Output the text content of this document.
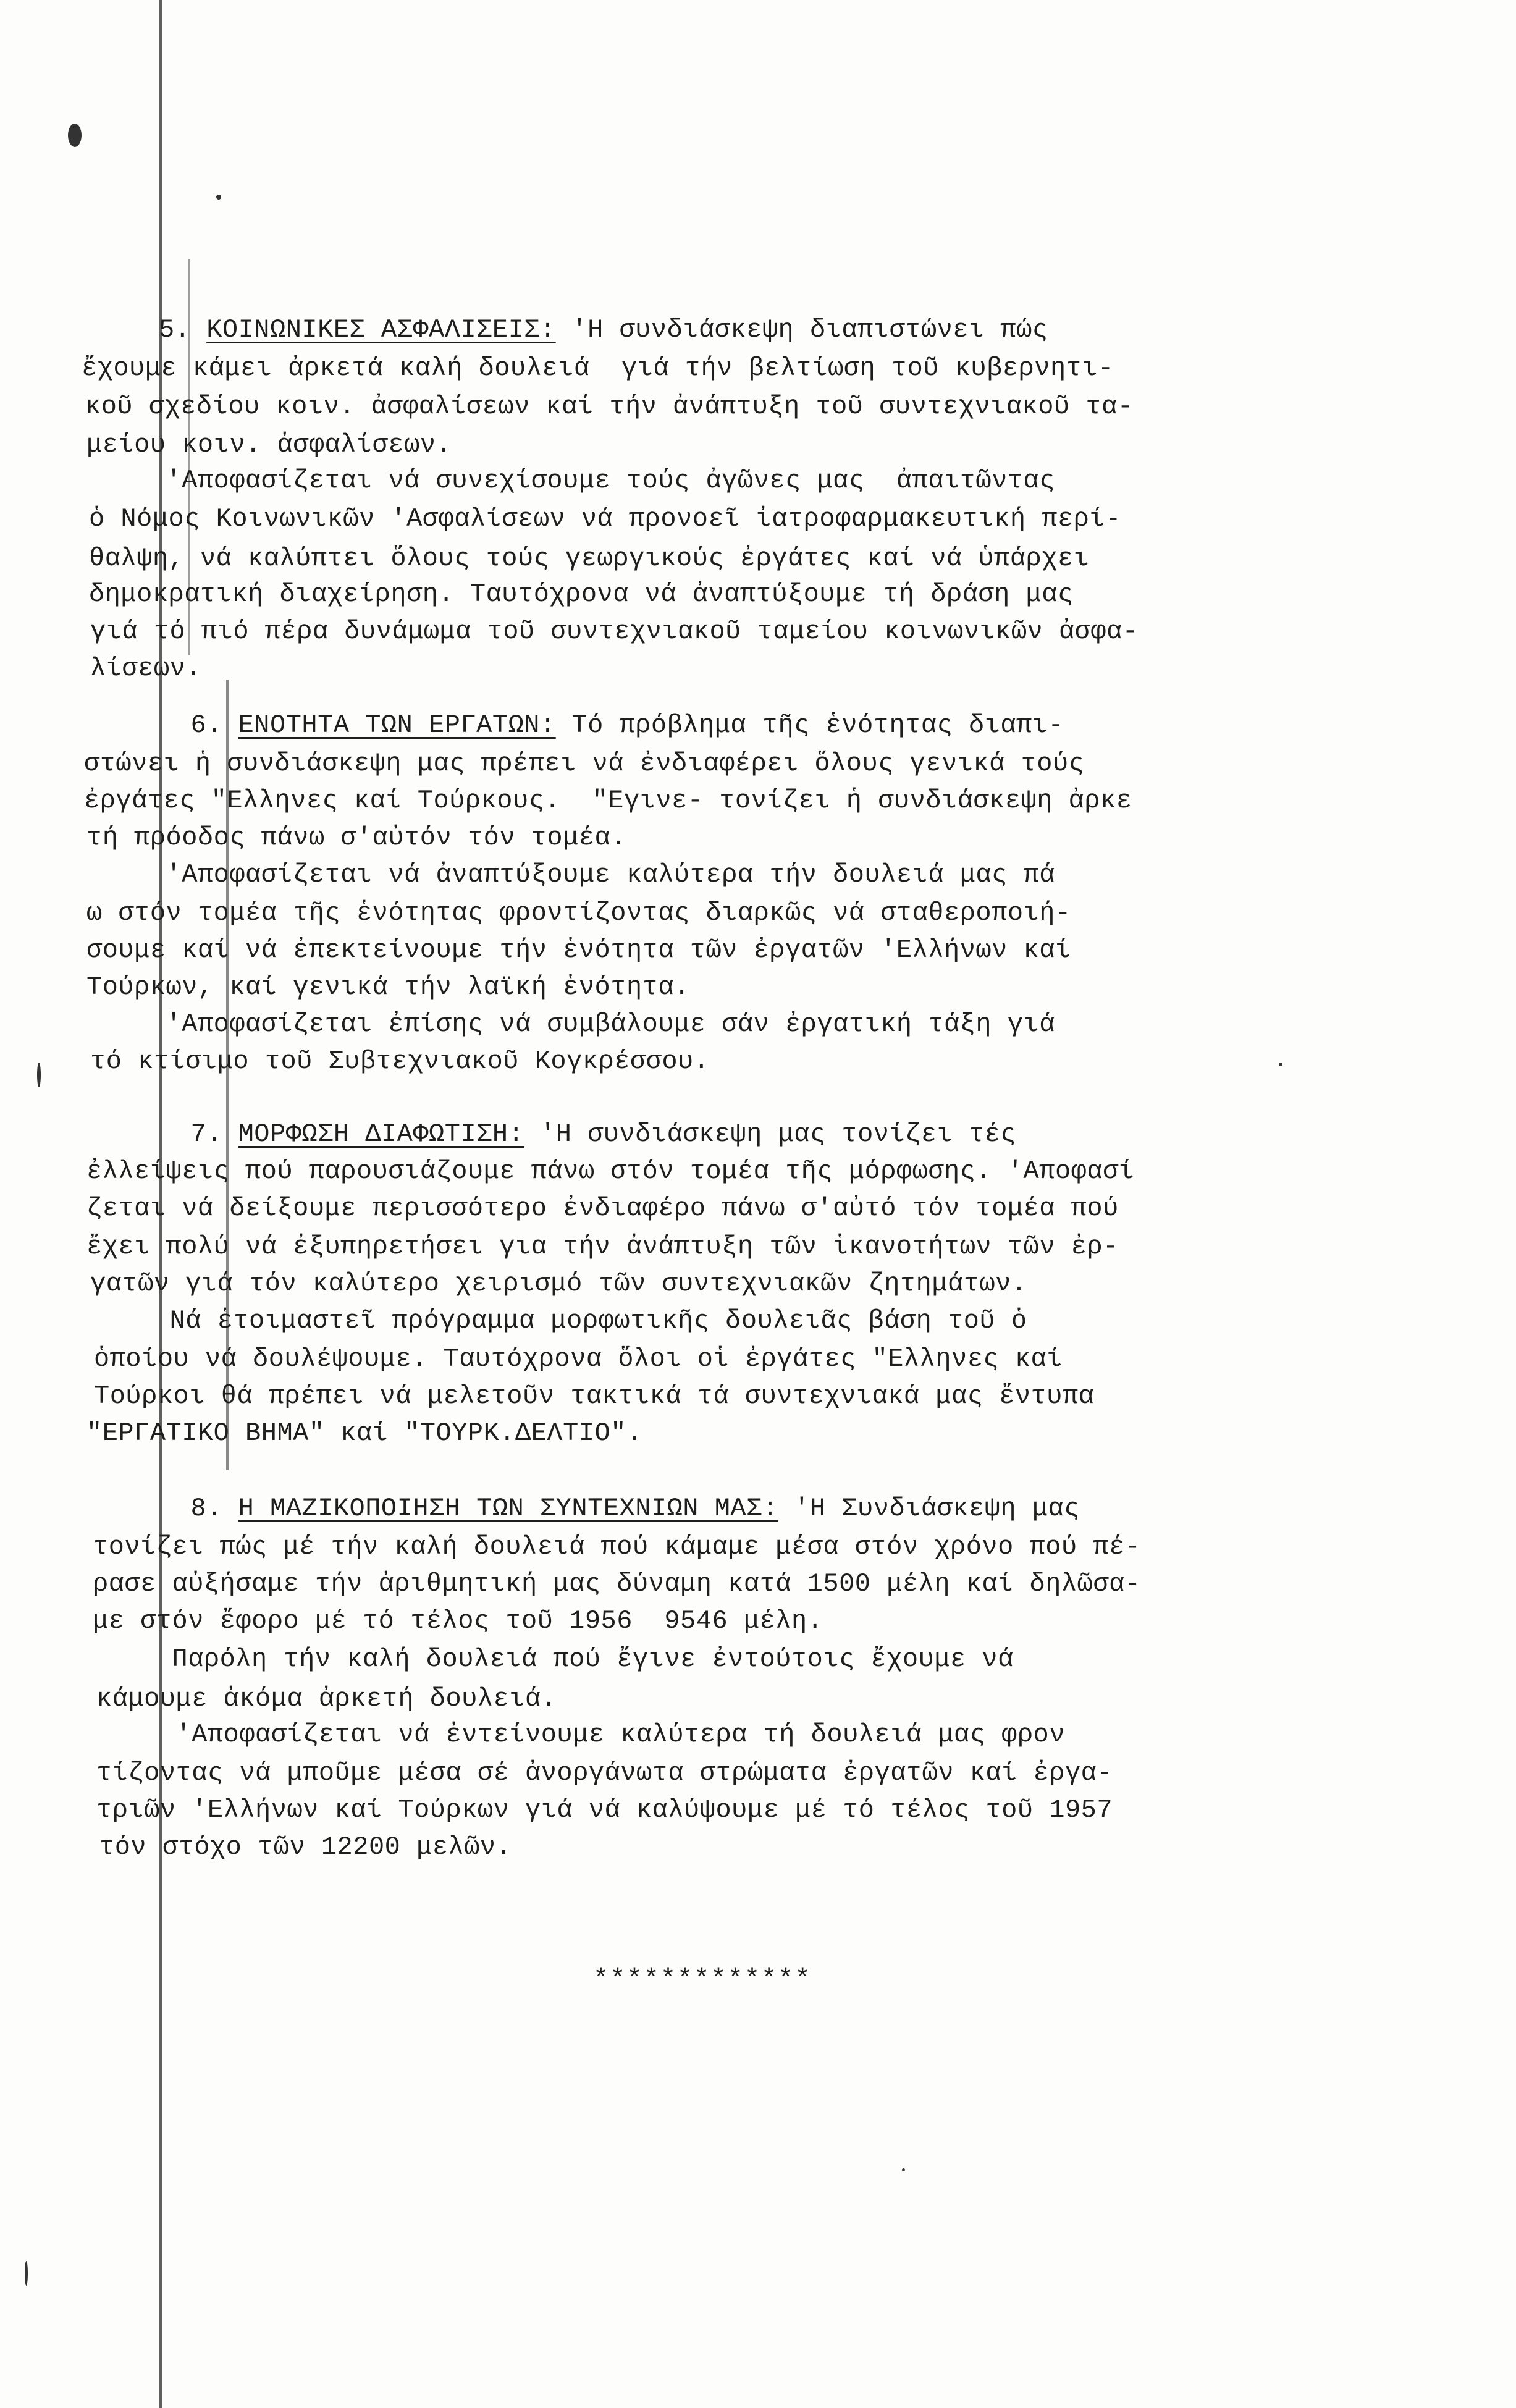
5. ΚΟΙΝΩΝΙΚΕΣ ΑΣΦΑΛΙΣΕΙΣ: 'Η συνδιάσκεψη διαπιστώνει πώς
ἔχουμε κάμει ἀρκετά καλή δουλειά  γιά τήν βελτίωση τοῦ κυβερνητι-
κοῦ σχεδίου κοιν. ἀσφαλίσεων καί τήν ἀνάπτυξη τοῦ συντεχνιακοῦ τα-
μείου κοιν. ἀσφαλίσεων.
'Αποφασίζεται νά συνεχίσουμε τούς ἀγῶνες μας  ἀπαιτῶντας
ὁ Νόμος Κοινωνικῶν 'Ασφαλίσεων νά προνοεῖ ἰατροφαρμακευτική περί-
θαλψη, νά καλύπτει ὅλους τούς γεωργικούς ἐργάτες καί νά ὑπάρχει
δημοκρατική διαχείρηση. Ταυτόχρονα νά ἀναπτύξουμε τή δράση μας
γιά τό πιό πέρα δυνάμωμα τοῦ συντεχνιακοῦ ταμείου κοινωνικῶν ἀσφα-
λίσεων.
6. ΕΝΟΤΗΤΑ ΤΩΝ ΕΡΓΑΤΩΝ: Τό πρόβλημα τῆς ἑνότητας διαπι-
στώνει ἡ συνδιάσκεψη μας πρέπει νά ἐνδιαφέρει ὅλους γενικά τούς
ἐργάτες "Ελληνες καί Τούρκους.  "Εγινε- τονίζει ἡ συνδιάσκεψη ἀρκε
τή πρόοδος πάνω σ'αὐτόν τόν τομέα.
'Αποφασίζεται νά ἀναπτύξουμε καλύτερα τήν δουλειά μας πά
ω στόν τομέα τῆς ἑνότητας φροντίζοντας διαρκῶς νά σταθεροποιή-
σουμε καί νά ἐπεκτείνουμε τήν ἑνότητα τῶν ἐργατῶν 'Ελλήνων καί
Τούρκων, καί γενικά τήν λαϊκή ἑνότητα.
'Αποφασίζεται ἐπίσης νά συμβάλουμε σάν ἐργατική τάξη γιά
τό κτίσιμο τοῦ Συβτεχνιακοῦ Κογκρέσσου.
7. ΜΟΡΦΩΣΗ ΔΙΑΦΩΤΙΣΗ: 'Η συνδιάσκεψη μας τονίζει τές
ἐλλείψεις πού παρουσιάζουμε πάνω στόν τομέα τῆς μόρφωσης. 'Αποφασί
ζεται νά δείξουμε περισσότερο ἐνδιαφέρο πάνω σ'αὐτό τόν τομέα πού
ἔχει πολύ νά ἐξυπηρετήσει για τήν ἀνάπτυξη τῶν ἱκανοτήτων τῶν ἐρ-
γατῶν γιά τόν καλύτερο χειρισμό τῶν συντεχνιακῶν ζητημάτων.
Νά ἑτοιμαστεῖ πρόγραμμα μορφωτικῆς δουλειᾶς βάση τοῦ ὁ
ὁποίου νά δουλέψουμε. Ταυτόχρονα ὅλοι οἱ ἐργάτες "Ελληνες καί
Τούρκοι θά πρέπει νά μελετοῦν τακτικά τά συντεχνιακά μας ἔντυπα
"ΕΡΓΑΤΙΚΟ ΒΗΜΑ" καί "ΤΟΥΡΚ.ΔΕΛΤΙΟ".
8. Η ΜΑΖΙΚΟΠΟΙΗΣΗ ΤΩΝ ΣΥΝΤΕΧΝΙΩΝ ΜΑΣ: 'Η Συνδιάσκεψη μας
τονίζει πώς μέ τήν καλή δουλειά πού κάμαμε μέσα στόν χρόνο πού πέ-
ρασε αὐξήσαμε τήν ἀριθμητική μας δύναμη κατά 1500 μέλη καί δηλῶσα-
με στόν ἔφορο μέ τό τέλος τοῦ 1956  9546 μέλη.
Παρόλη τήν καλή δουλειά πού ἔγινε ἐντούτοις ἔχουμε νά
κάμουμε ἀκόμα ἀρκετή δουλειά.
'Αποφασίζεται νά ἐντείνουμε καλύτερα τή δουλειά μας φρον
τίζοντας νά μποῦμε μέσα σέ ἀνοργάνωτα στρώματα ἐργατῶν καί ἐργα-
τριῶν 'Ελλήνων καί Τούρκων γιά νά καλύψουμε μέ τό τέλος τοῦ 1957
τόν στόχο τῶν 12200 μελῶν.
*************
